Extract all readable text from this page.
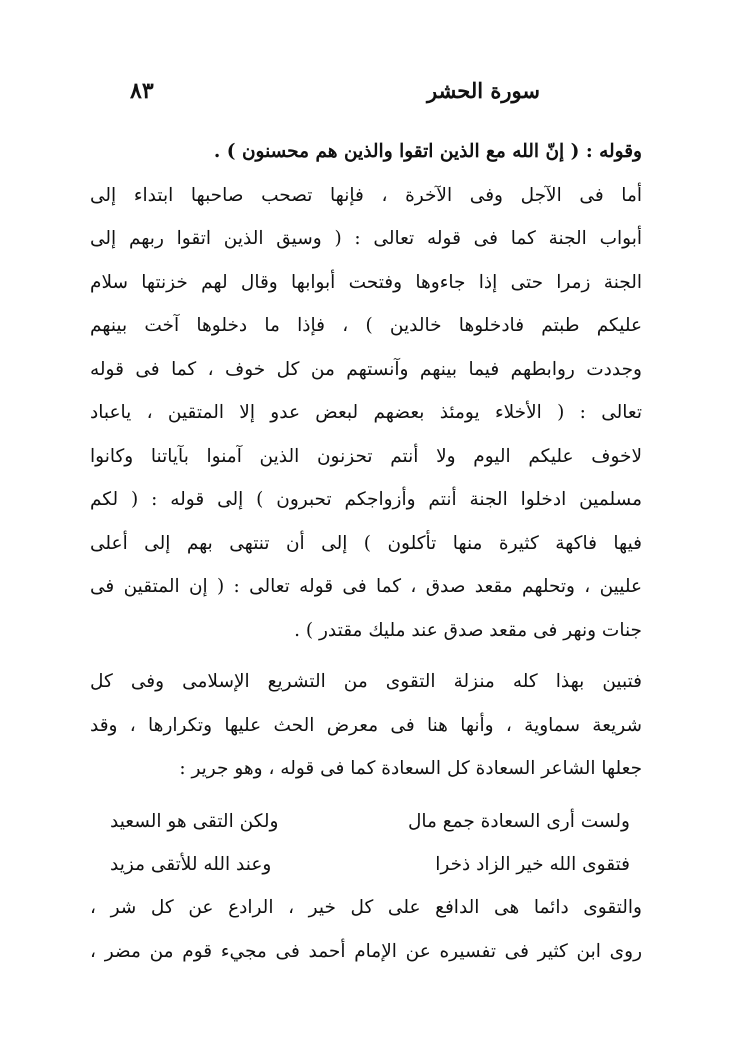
سورة الحشر
٨٣
وقوله : ( إنّ الله مع الذين اتقوا والذين هم محسنون ) .
أما فى الآجل وفى الآخرة ، فإنها تصحب صاحبها ابتداء إلى
أبواب الجنة كما فى قوله تعالى : ( وسيق الذين اتقوا ربهم إلى
الجنة زمرا حتى إذا جاءوها وفتحت أبوابها وقال لهم خزنتها سلام
عليكم طبتم فادخلوها خالدين ) ، فإذا ما دخلوها آخت بينهم
وجددت روابطهم فيما بينهم وآنستهم من كل خوف ، كما فى قوله
تعالى : ( الأخلاء يومئذ بعضهم لبعض عدو إلا المتقين ، ياعباد
لاخوف عليكم اليوم ولا أنتم تحزنون الذين آمنوا بآياتنا وكانوا
مسلمين ادخلوا الجنة أنتم وأزواجكم تحبرون ) إلى قوله : ( لكم
فيها فاكهة كثيرة منها تأكلون ) إلى أن تنتهى بهم إلى أعلى
عليين ، وتحلهم مقعد صدق ، كما فى قوله تعالى : ( إن المتقين فى
جنات ونهر فى مقعد صدق عند مليك مقتدر ) .
فتبين بهذا كله منزلة التقوى من التشريع الإسلامى وفى كل
شريعة سماوية ، وأنها هنا فى معرض الحث عليها وتكرارها ، وقد
جعلها الشاعر السعادة كل السعادة كما فى قوله ، وهو جرير :
ولست أرى السعادة جمع مال
ولكن التقى هو السعيد
فتقوى الله خير الزاد ذخرا
وعند الله للأتقى مزيد
والتقوى دائما هى الدافع على كل خير ، الرادع عن كل شر ،
روى ابن كثير فى تفسيره عن الإمام أحمد فى مجيء قوم من مضر ،
